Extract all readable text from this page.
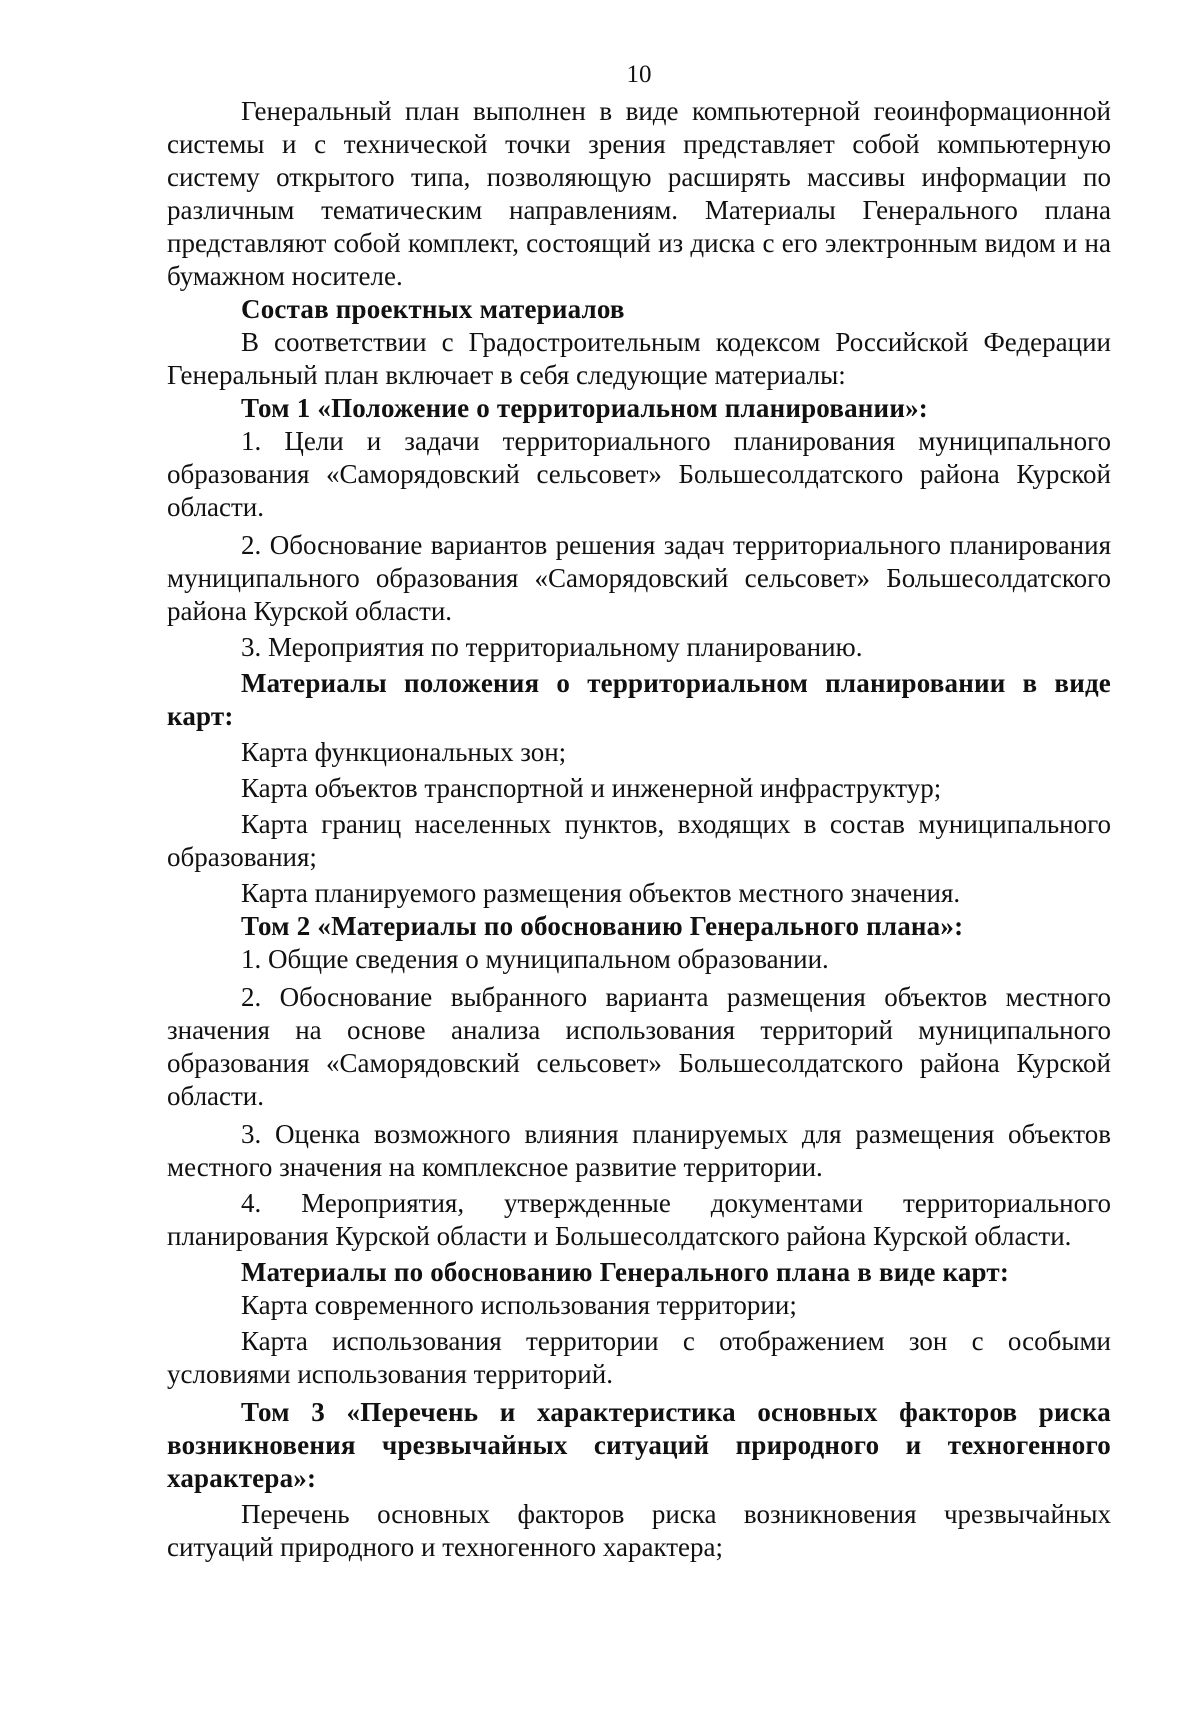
10

Генеральный план выполнен в виде компьютерной геоинформационной системы и с технической точки зрения представляет собой компьютерную систему открытого типа, позволяющую расширять массивы информации по различным тематическим направлениям. Материалы Генерального плана представляют собой комплект, состоящий из диска с его электронным видом и на бумажном носителе.

Состав проектных материалов

В соответствии с Градостроительным кодексом Российской Федерации Генеральный план включает в себя следующие материалы:

Том 1 «Положение о территориальном планировании»:

1. Цели и задачи территориального планирования муниципального образования «Саморядовский сельсовет» Большесолдатского района Курской области.

2. Обоснование вариантов решения задач территориального планирования муниципального образования «Саморядовский сельсовет» Большесолдатского района Курской области.

3. Мероприятия по территориальному планированию.

Материалы положения о территориальном планировании в виде карт:

Карта функциональных зон;

Карта объектов транспортной и инженерной инфраструктур;

Карта границ населенных пунктов, входящих в состав муниципального образования;

Карта планируемого размещения объектов местного значения.

Том 2 «Материалы по обоснованию Генерального плана»:

1. Общие сведения о муниципальном образовании.

2. Обоснование выбранного варианта размещения объектов местного значения на основе анализа использования территорий муниципального образования «Саморядовский сельсовет» Большесолдатского района Курской области.

3. Оценка возможного влияния планируемых для размещения объектов местного значения на комплексное развитие территории.

4. Мероприятия, утвержденные документами территориального планирования Курской области и Большесолдатского района Курской области.

Материалы по обоснованию Генерального плана в виде карт:

Карта современного использования территории;

Карта использования территории с отображением зон с особыми условиями использования территорий.

Том 3 «Перечень и характеристика основных факторов риска возникновения чрезвычайных ситуаций природного и техногенного характера»:

Перечень основных факторов риска возникновения чрезвычайных ситуаций природного и техногенного характера;
